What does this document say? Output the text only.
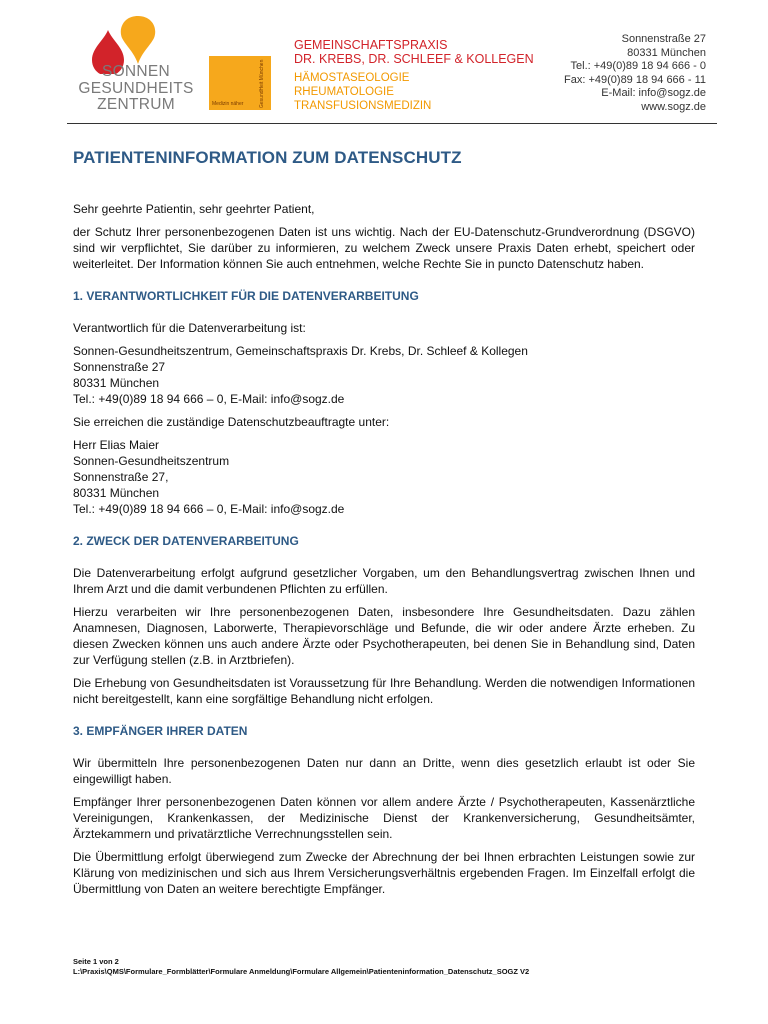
SONNEN
GESUNDHEITS
ZENTRUM	GesundHeit München
Medizin näher
GEMEINSCHAFTSPRAXIS
DR. KREBS, DR. SCHLEEF & KOLLEGEN
HÄMOSTASEOLOGIE
RHEUMATOLOGIE
TRANSFUSIONSMEDIZIN
Sonnenstraße 27
80331 München
Tel.: +49(0)89 18 94 666 - 0
Fax: +49(0)89 18 94 666 - 11
E-Mail: info@sogz.de
www.sogz.de
PATIENTENINFORMATION ZUM DATENSCHUTZ

Sehr geehrte Patientin, sehr geehrter Patient,

der Schutz Ihrer personenbezogenen Daten ist uns wichtig. Nach der EU-Datenschutz-Grundverordnung (DSGVO) sind wir verpflichtet, Sie darüber zu informieren, zu welchem Zweck unsere Praxis Daten erhebt, speichert oder weiterleitet. Der Information können Sie auch entnehmen, welche Rechte Sie in puncto Datenschutz haben.

1. VERANTWORTLICHKEIT FÜR DIE DATENVERARBEITUNG

Verantwortlich für die Datenverarbeitung ist:

Sonnen-Gesundheitszentrum, Gemeinschaftspraxis Dr. Krebs, Dr. Schleef & Kollegen
Sonnenstraße 27
80331 München
Tel.: +49(0)89 18 94 666 – 0, E-Mail: info@sogz.de

Sie erreichen die zuständige Datenschutzbeauftragte unter:

Herr Elias Maier
Sonnen-Gesundheitszentrum
Sonnenstraße 27,
80331 München
Tel.: +49(0)89 18 94 666 – 0, E-Mail: info@sogz.de

2. ZWECK DER DATENVERARBEITUNG

Die Datenverarbeitung erfolgt aufgrund gesetzlicher Vorgaben, um den Behandlungsvertrag zwischen Ihnen und Ihrem Arzt und die damit verbundenen Pflichten zu erfüllen.

Hierzu verarbeiten wir Ihre personenbezogenen Daten, insbesondere Ihre Gesundheitsdaten. Dazu zählen Anamnesen, Diagnosen, Laborwerte, Therapievorschläge und Befunde, die wir oder andere Ärzte erheben. Zu diesen Zwecken können uns auch andere Ärzte oder Psychotherapeuten, bei denen Sie in Behandlung sind, Daten zur Verfügung stellen (z.B. in Arztbriefen).

Die Erhebung von Gesundheitsdaten ist Voraussetzung für Ihre Behandlung. Werden die notwendigen Informationen nicht bereitgestellt, kann eine sorgfältige Behandlung nicht erfolgen.

3. EMPFÄNGER IHRER DATEN

Wir übermitteln Ihre personenbezogenen Daten nur dann an Dritte, wenn dies gesetzlich erlaubt ist oder Sie eingewilligt haben.

Empfänger Ihrer personenbezogenen Daten können vor allem andere Ärzte / Psychotherapeuten, Kassenärztliche Vereinigungen, Krankenkassen, der Medizinische Dienst der Krankenversicherung, Gesundheitsämter, Ärztekammern und privatärztliche Verrechnungsstellen sein.

Die Übermittlung erfolgt überwiegend zum Zwecke der Abrechnung der bei Ihnen erbrachten Leistungen sowie zur Klärung von medizinischen und sich aus Ihrem Versicherungsverhältnis ergebenden Fragen. Im Einzelfall erfolgt die Übermittlung von Daten an weitere berechtigte Empfänger.

Seite 1 von 2
L:\Praxis\QMS\Formulare_Formblätter\Formulare Anmeldung\Formulare Allgemein\Patienteninformation_Datenschutz_SOGZ V2
